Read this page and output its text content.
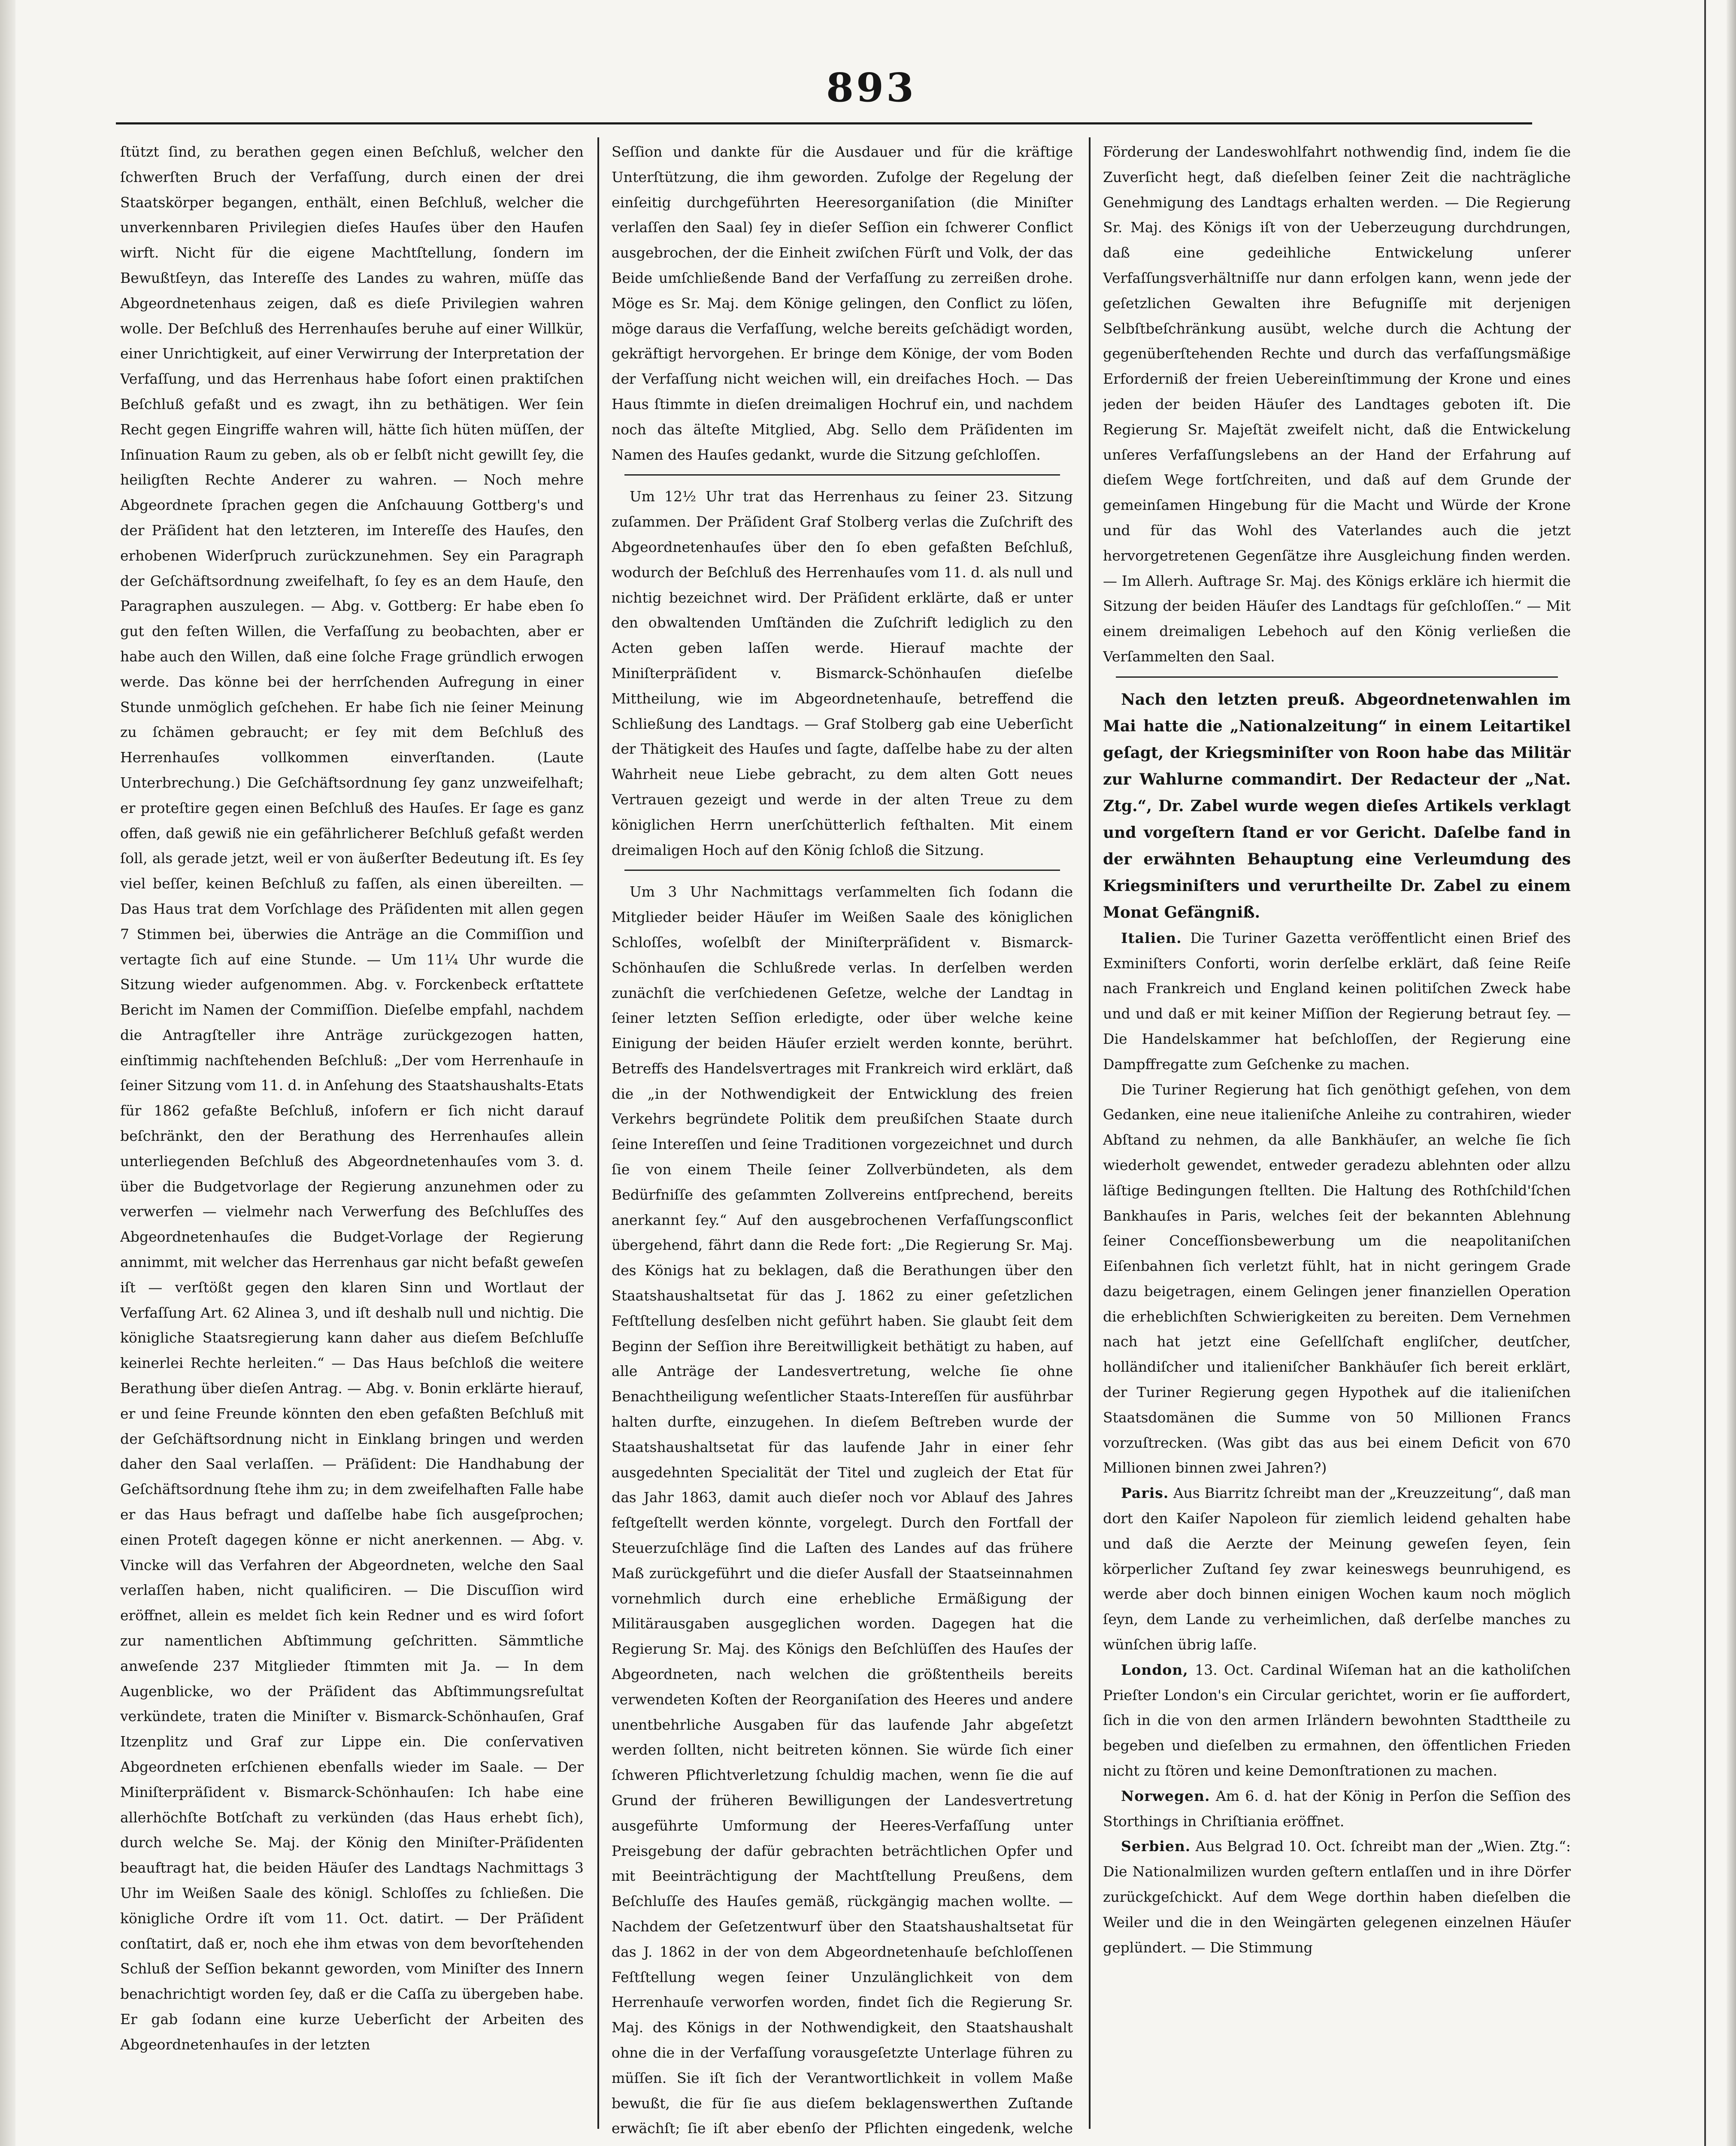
893

ſtützt ſind, zu berathen gegen einen Beſchluß, welcher den ſchwerſten Bruch der Verfaſſung, durch einen der drei Staatskörper begangen, enthält, einen Beſchluß, welcher die unverkennbaren Privilegien dieſes Hauſes über den Haufen wirft. Nicht für die eigene Machtſtellung, ſondern im Bewußtſeyn, das Intereſſe des Landes zu wahren, müſſe das Abgeordnetenhaus zeigen, daß es dieſe Privilegien wahren wolle. Der Beſchluß des Herrenhauſes beruhe auf einer Willkür, einer Unrichtigkeit, auf einer Verwirrung der Interpretation der Verfaſſung, und das Herrenhaus habe ſofort einen praktiſchen Beſchluß gefaßt und es zwagt, ihn zu bethätigen. Wer ſein Recht gegen Eingriffe wahren will, hätte ſich hüten müſſen, der Inſinuation Raum zu geben, als ob er ſelbſt nicht gewillt ſey, die heiligſten Rechte Anderer zu wahren. — Noch mehre Abgeordnete ſprachen gegen die Anſchauung Gottberg's und der Präſident hat den letzteren, im Intereſſe des Hauſes, den erhobenen Widerſpruch zurückzunehmen. Sey ein Paragraph der Geſchäftsordnung zweifelhaft, ſo ſey es an dem Hauſe, den Paragraphen auszulegen. — Abg. v. Gottberg: Er habe eben ſo gut den feſten Willen, die Verfaſſung zu beobachten, aber er habe auch den Willen, daß eine ſolche Frage gründlich erwogen werde. Das könne bei der herrſchenden Aufregung in einer Stunde unmöglich geſchehen. Er habe ſich nie ſeiner Meinung zu ſchämen gebraucht; er ſey mit dem Beſchluß des Herrenhauſes vollkommen einverſtanden. (Laute Unterbrechung.) Die Geſchäftsordnung ſey ganz unzweifelhaft; er proteſtire gegen einen Beſchluß des Hauſes. Er ſage es ganz offen, daß gewiß nie ein gefährlicherer Beſchluß gefaßt werden ſoll, als gerade jetzt, weil er von äußerſter Bedeutung iſt. Es ſey viel beſſer, keinen Beſchluß zu faſſen, als einen übereilten. — Das Haus trat dem Vorſchlage des Präſidenten mit allen gegen 7 Stimmen bei, überwies die Anträge an die Commiſſion und vertagte ſich auf eine Stunde. — Um 11¼ Uhr wurde die Sitzung wieder aufgenommen. Abg. v. Forckenbeck erſtattete Bericht im Namen der Commiſſion. Dieſelbe empfahl, nachdem die Antragſteller ihre Anträge zurückgezogen hatten, einſtimmig nachſtehenden Beſchluß: „Der vom Herrenhauſe in ſeiner Sitzung vom 11. d. in Anſehung des Staatshaushalts-Etats für 1862 gefaßte Beſchluß, inſofern er ſich nicht darauf beſchränkt, den der Berathung des Herrenhauſes allein unterliegenden Beſchluß des Abgeordnetenhauſes vom 3. d. über die Budgetvorlage der Regierung anzunehmen oder zu verwerfen — vielmehr nach Verwerfung des Beſchluſſes des Abgeordnetenhauſes die Budget-Vorlage der Regierung annimmt, mit welcher das Herrenhaus gar nicht befaßt geweſen iſt — verſtößt gegen den klaren Sinn und Wortlaut der Verfaſſung Art. 62 Alinea 3, und iſt deshalb null und nichtig. Die königliche Staatsregierung kann daher aus dieſem Beſchluſſe keinerlei Rechte herleiten.“ — Das Haus beſchloß die weitere Berathung über dieſen Antrag. — Abg. v. Bonin erklärte hierauf, er und ſeine Freunde könnten den eben gefaßten Beſchluß mit der Geſchäftsordnung nicht in Einklang bringen und werden daher den Saal verlaſſen. — Präſident: Die Handhabung der Geſchäftsordnung ſtehe ihm zu; in dem zweifelhaften Falle habe er das Haus befragt und daſſelbe habe ſich ausgeſprochen; einen Proteſt dagegen könne er nicht anerkennen. — Abg. v. Vincke will das Verfahren der Abgeordneten, welche den Saal verlaſſen haben, nicht qualificiren. — Die Discuſſion wird eröffnet, allein es meldet ſich kein Redner und es wird ſofort zur namentlichen Abſtimmung geſchritten. Sämmtliche anweſende 237 Mitglieder ſtimmten mit Ja. — In dem Augenblicke, wo der Präſident das Abſtimmungsreſultat verkündete, traten die Miniſter v. Bismarck-Schönhauſen, Graf Itzenplitz und Graf zur Lippe ein. Die conſervativen Abgeordneten erſchienen ebenfalls wieder im Saale. — Der Miniſterpräſident v. Bismarck-Schönhauſen: Ich habe eine allerhöchſte Botſchaft zu verkünden (das Haus erhebt ſich), durch welche Se. Maj. der König den Miniſter-Präſidenten beauftragt hat, die beiden Häuſer des Landtags Nachmittags 3 Uhr im Weißen Saale des königl. Schloſſes zu ſchließen. Die königliche Ordre iſt vom 11. Oct. datirt. — Der Präſident conſtatirt, daß er, noch ehe ihm etwas von dem bevorſtehenden Schluß der Seſſion bekannt geworden, vom Miniſter des Innern benachrichtigt worden ſey, daß er die Caſſa zu übergeben habe. Er gab ſodann eine kurze Ueberſicht der Arbeiten des Abgeordnetenhauſes in der letzten

Seſſion und dankte für die Ausdauer und für die kräftige Unterſtützung, die ihm geworden. Zufolge der Regelung der einſeitig durchgeführten Heeresorganiſation (die Miniſter verlaſſen den Saal) ſey in dieſer Seſſion ein ſchwerer Conflict ausgebrochen, der die Einheit zwiſchen Fürſt und Volk, der das Beide umſchließende Band der Verfaſſung zu zerreißen drohe. Möge es Sr. Maj. dem Könige gelingen, den Conflict zu löſen, möge daraus die Verfaſſung, welche bereits geſchädigt worden, gekräftigt hervorgehen. Er bringe dem Könige, der vom Boden der Verfaſſung nicht weichen will, ein dreifaches Hoch. — Das Haus ſtimmte in dieſen dreimaligen Hochruf ein, und nachdem noch das älteſte Mitglied, Abg. Sello dem Präſidenten im Namen des Hauſes gedankt, wurde die Sitzung geſchloſſen.

Um 12½ Uhr trat das Herrenhaus zu ſeiner 23. Sitzung zuſammen. Der Präſident Graf Stolberg verlas die Zuſchrift des Abgeordnetenhauſes über den ſo eben gefaßten Beſchluß, wodurch der Beſchluß des Herrenhauſes vom 11. d. als null und nichtig bezeichnet wird. Der Präſident erklärte, daß er unter den obwaltenden Umſtänden die Zuſchrift lediglich zu den Acten geben laſſen werde. Hierauf machte der Miniſterpräſident v. Bismarck-Schönhauſen dieſelbe Mittheilung, wie im Abgeordnetenhauſe, betreffend die Schließung des Landtags. — Graf Stolberg gab eine Ueberſicht der Thätigkeit des Hauſes und ſagte, daſſelbe habe zu der alten Wahrheit neue Liebe gebracht, zu dem alten Gott neues Vertrauen gezeigt und werde in der alten Treue zu dem königlichen Herrn unerſchütterlich feſthalten. Mit einem dreimaligen Hoch auf den König ſchloß die Sitzung.

Um 3 Uhr Nachmittags verſammelten ſich ſodann die Mitglieder beider Häuſer im Weißen Saale des königlichen Schloſſes, woſelbſt der Miniſterpräſident v. Bismarck-Schönhauſen die Schlußrede verlas. In derſelben werden zunächſt die verſchiedenen Geſetze, welche der Landtag in ſeiner letzten Seſſion erledigte, oder über welche keine Einigung der beiden Häuſer erzielt werden konnte, berührt. Betreffs des Handelsvertrages mit Frankreich wird erklärt, daß die „in der Nothwendigkeit der Entwicklung des freien Verkehrs begründete Politik dem preußiſchen Staate durch ſeine Intereſſen und ſeine Traditionen vorgezeichnet und durch ſie von einem Theile ſeiner Zollverbündeten, als dem Bedürfniſſe des geſammten Zollvereins entſprechend, bereits anerkannt ſey.“ Auf den ausgebrochenen Verfaſſungsconflict übergehend, fährt dann die Rede fort: „Die Regierung Sr. Maj. des Königs hat zu beklagen, daß die Berathungen über den Staatshaushaltsetat für das J. 1862 zu einer geſetzlichen Feſtſtellung desſelben nicht geführt haben. Sie glaubt ſeit dem Beginn der Seſſion ihre Bereitwilligkeit bethätigt zu haben, auf alle Anträge der Landesvertretung, welche ſie ohne Benachtheiligung weſentlicher Staats-Intereſſen für ausführbar halten durfte, einzugehen. In dieſem Beſtreben wurde der Staatshaushaltsetat für das laufende Jahr in einer ſehr ausgedehnten Specialität der Titel und zugleich der Etat für das Jahr 1863, damit auch dieſer noch vor Ablauf des Jahres feſtgeſtellt werden könnte, vorgelegt. Durch den Fortfall der Steuerzuſchläge ſind die Laſten des Landes auf das frühere Maß zurückgeführt und die dieſer Ausfall der Staatseinnahmen vornehmlich durch eine erhebliche Ermäßigung der Militärausgaben ausgeglichen worden. Dagegen hat die Regierung Sr. Maj. des Königs den Beſchlüſſen des Hauſes der Abgeordneten, nach welchen die größtentheils bereits verwendeten Koſten der Reorganiſation des Heeres und andere unentbehrliche Ausgaben für das laufende Jahr abgeſetzt werden ſollten, nicht beitreten können. Sie würde ſich einer ſchweren Pflichtverletzung ſchuldig machen, wenn ſie die auf Grund der früheren Bewilligungen der Landesvertretung ausgeführte Umformung der Heeres-Verfaſſung unter Preisgebung der dafür gebrachten beträchtlichen Opfer und mit Beeinträchtigung der Machtſtellung Preußens, dem Beſchluſſe des Hauſes gemäß, rückgängig machen wollte. — Nachdem der Geſetzentwurf über den Staatshaushaltsetat für das J. 1862 in der von dem Abgeordnetenhauſe beſchloſſenen Feſtſtellung wegen ſeiner Unzulänglichkeit von dem Herrenhauſe verworfen worden, findet ſich die Regierung Sr. Maj. des Königs in der Nothwendigkeit, den Staatshaushalt ohne die in der Verfaſſung vorausgeſetzte Unterlage führen zu müſſen. Sie iſt ſich der Verantwortlichkeit in vollem Maße bewußt, die für ſie aus dieſem beklagenswerthen Zuſtande erwächſt; ſie iſt aber ebenſo der Pflichten eingedenk, welche

Förderung der Landeswohlfahrt nothwendig ſind, indem ſie die Zuverſicht hegt, daß dieſelben ſeiner Zeit die nachträgliche Genehmigung des Landtags erhalten werden. — Die Regierung Sr. Maj. des Königs iſt von der Ueberzeugung durchdrungen, daß eine gedeihliche Entwickelung unſerer Verfaſſungsverhältniſſe nur dann erfolgen kann, wenn jede der geſetzlichen Gewalten ihre Befugniſſe mit derjenigen Selbſtbeſchränkung ausübt, welche durch die Achtung der gegenüberſtehenden Rechte und durch das verfaſſungsmäßige Erforderniß der freien Uebereinſtimmung der Krone und eines jeden der beiden Häuſer des Landtages geboten iſt. Die Regierung Sr. Majeſtät zweifelt nicht, daß die Entwickelung unſeres Verfaſſungslebens an der Hand der Erfahrung auf dieſem Wege fortſchreiten, und daß auf dem Grunde der gemeinſamen Hingebung für die Macht und Würde der Krone und für das Wohl des Vaterlandes auch die jetzt hervorgetretenen Gegenſätze ihre Ausgleichung finden werden. — Im Allerh. Auftrage Sr. Maj. des Königs erkläre ich hiermit die Sitzung der beiden Häuſer des Landtags für geſchloſſen.“ — Mit einem dreimaligen Lebehoch auf den König verließen die Verſammelten den Saal.

Nach den letzten preuß. Abgeordnetenwahlen im Mai hatte die „Nationalzeitung“ in einem Leitartikel geſagt, der Kriegsminiſter von Roon habe das Militär zur Wahlurne commandirt. Der Redacteur der „Nat. Ztg.“, Dr. Zabel wurde wegen dieſes Artikels verklagt und vorgeſtern ſtand er vor Gericht. Daſelbe fand in der erwähnten Behauptung eine Verleumdung des Kriegsminiſters und verurtheilte Dr. Zabel zu einem Monat Gefängniß.

Italien. Die Turiner Gazetta veröffentlicht einen Brief des Exminiſters Conforti, worin derſelbe erklärt, daß ſeine Reiſe nach Frankreich und England keinen politiſchen Zweck habe und und daß er mit keiner Miſſion der Regierung betraut ſey. — Die Handelskammer hat beſchloſſen, der Regierung eine Dampffregatte zum Geſchenke zu machen.

Die Turiner Regierung hat ſich genöthigt geſehen, von dem Gedanken, eine neue italieniſche Anleihe zu contrahiren, wieder Abſtand zu nehmen, da alle Bankhäuſer, an welche ſie ſich wiederholt gewendet, entweder geradezu ablehnten oder allzu läſtige Bedingungen ſtellten. Die Haltung des Rothſchild'ſchen Bankhauſes in Paris, welches ſeit der bekannten Ablehnung ſeiner Conceſſionsbewerbung um die neapolitaniſchen Eiſenbahnen ſich verletzt fühlt, hat in nicht geringem Grade dazu beigetragen, einem Gelingen jener finanziellen Operation die erheblichſten Schwierigkeiten zu bereiten. Dem Vernehmen nach hat jetzt eine Geſellſchaft engliſcher, deutſcher, holländiſcher und italieniſcher Bankhäuſer ſich bereit erklärt, der Turiner Regierung gegen Hypothek auf die italieniſchen Staatsdomänen die Summe von 50 Millionen Francs vorzuſtrecken. (Was gibt das aus bei einem Deficit von 670 Millionen binnen zwei Jahren?)

Paris. Aus Biarritz ſchreibt man der „Kreuzzeitung“, daß man dort den Kaiſer Napoleon für ziemlich leidend gehalten habe und daß die Aerzte der Meinung geweſen ſeyen, ſein körperlicher Zuſtand ſey zwar keineswegs beunruhigend, es werde aber doch binnen einigen Wochen kaum noch möglich ſeyn, dem Lande zu verheimlichen, daß derſelbe manches zu wünſchen übrig laſſe.

London, 13. Oct. Cardinal Wiſeman hat an die katholiſchen Prieſter London's ein Circular gerichtet, worin er ſie auffordert, ſich in die von den armen Irländern bewohnten Stadttheile zu begeben und dieſelben zu ermahnen, den öffentlichen Frieden nicht zu ſtören und keine Demonſtrationen zu machen.

Norwegen. Am 6. d. hat der König in Perſon die Seſſion des Storthings in Chriſtiania eröffnet.

Serbien. Aus Belgrad 10. Oct. ſchreibt man der „Wien. Ztg.“: Die Nationalmilizen wurden geſtern entlaſſen und in ihre Dörfer zurückgeſchickt. Auf dem Wege dorthin haben dieſelben die Weiler und die in den Weingärten gelegenen einzelnen Häuſer geplündert. — Die Stimmung
